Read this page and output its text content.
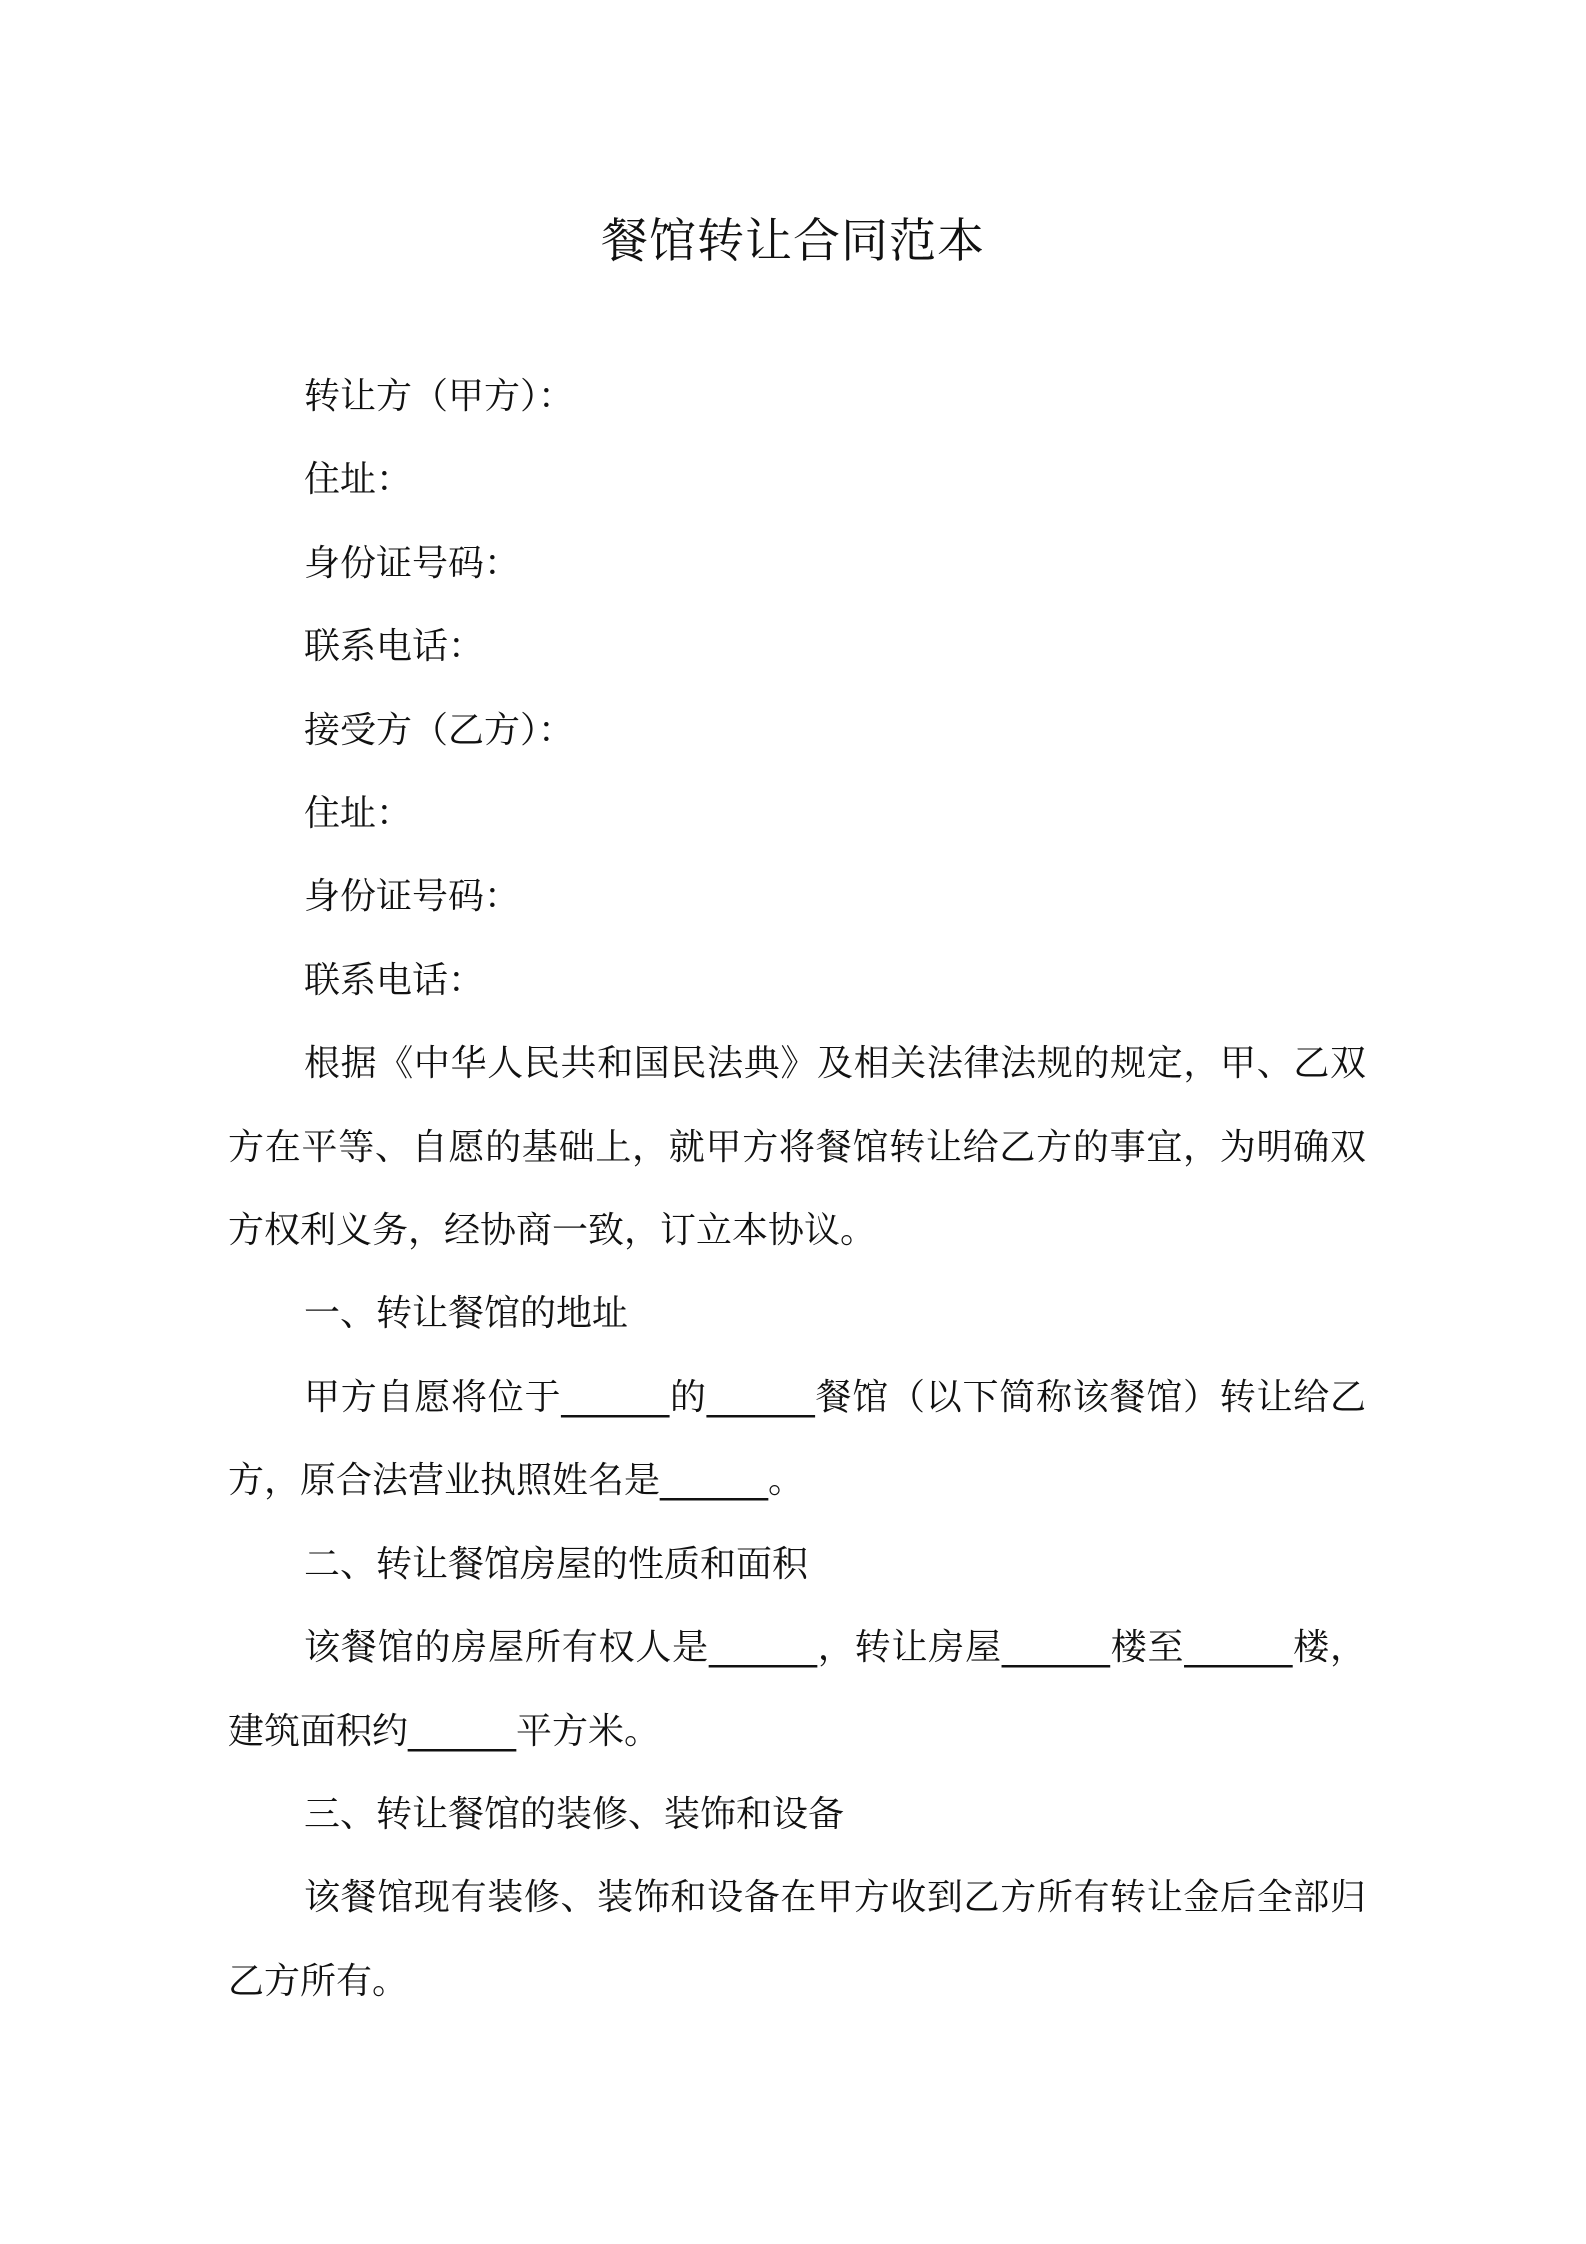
餐馆转让合同范本

转让方（甲方）：

住址：

身份证号码：

联系电话：

接受方（乙方）：

住址：

身份证号码：

联系电话：

根据《中华人民共和国民法典》及相关法律法规的规定，甲、乙双方在平等、自愿的基础上，就甲方将餐馆转让给乙方的事宜，为明确双方权利义务，经协商一致，订立本协议。

一、转让餐馆的地址

甲方自愿将位于______的______餐馆（以下简称该餐馆）转让给乙方，原合法营业执照姓名是______。

二、转让餐馆房屋的性质和面积

该餐馆的房屋所有权人是______，转让房屋______楼至______楼，建筑面积约______平方米。

三、转让餐馆的装修、装饰和设备

该餐馆现有装修、装饰和设备在甲方收到乙方所有转让金后全部归乙方所有。
